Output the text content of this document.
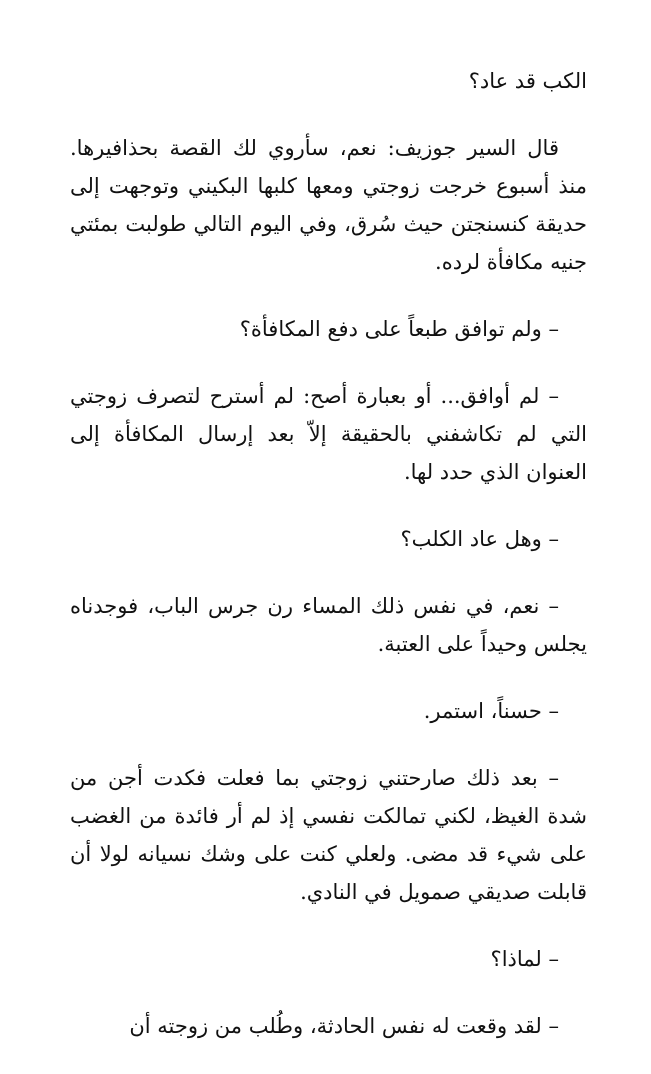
الكب قد عاد؟

قال السير جوزيف: نعم، سأروي لك القصة بحذافيرها. منذ أسبوع خرجت زوجتي ومعها كلبها البكيني وتوجهت إلى حديقة كنسنجتن حيث سُرق، وفي اليوم التالي طولبت بمئتي جنيه مكافأة لرده.

– ولم توافق طبعاً على دفع المكافأة؟

– لم أوافق... أو بعبارة أصح: لم أسترح لتصرف زوجتي التي لم تكاشفني بالحقيقة إلاّ بعد إرسال المكافأة إلى العنوان الذي حدد لها.

– وهل عاد الكلب؟

– نعم، في نفس ذلك المساء رن جرس الباب، فوجدناه يجلس وحيداً على العتبة.

– حسناً، استمر.

– بعد ذلك صارحتني زوجتي بما فعلت فكدت أجن من شدة الغيظ، لكني تمالكت نفسي إذ لم أر فائدة من الغضب على شيء قد مضى. ولعلي كنت على وشك نسيانه لولا أن قابلت صديقي صمويل في النادي.

– لماذا؟

– لقد وقعت له نفس الحادثة، وطُلب من زوجته أن
